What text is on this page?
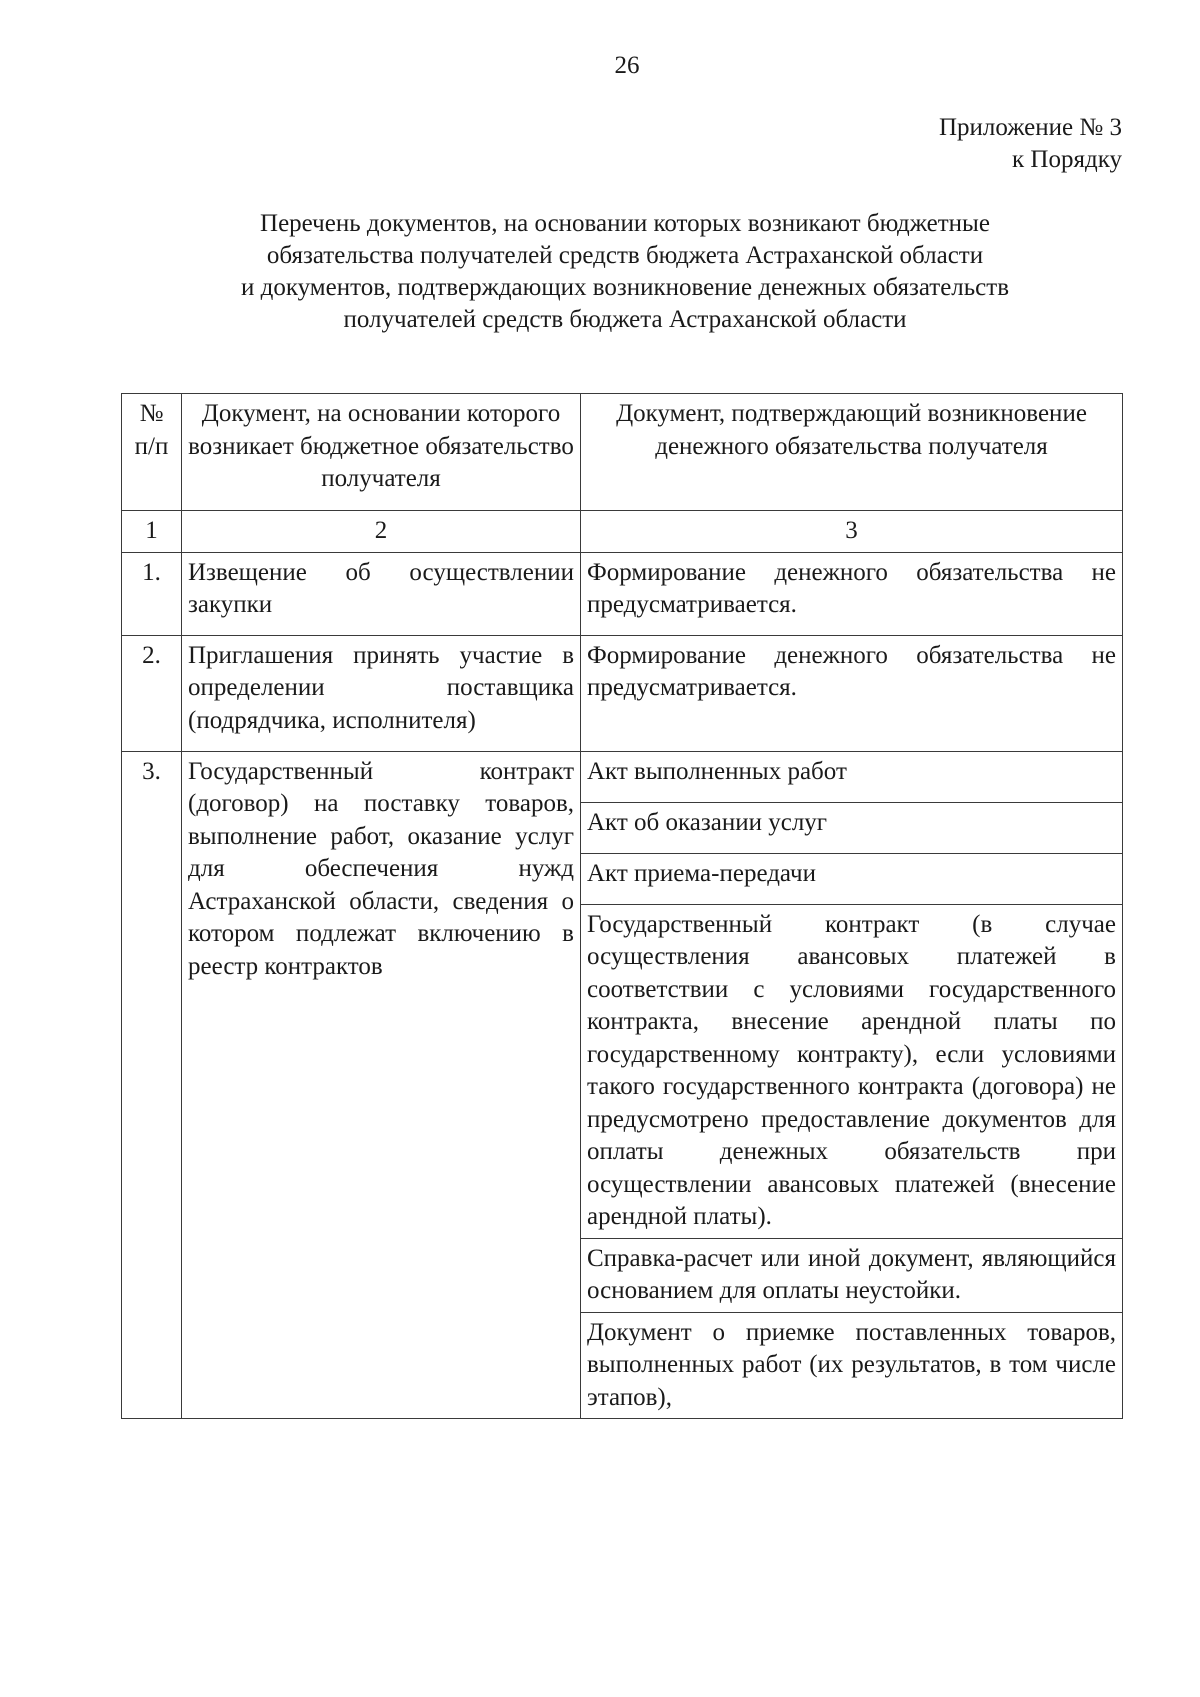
26
Приложение № 3
к Порядку
Перечень документов, на основании которых возникают бюджетные
обязательства получателей средств бюджета Астраханской области
и документов, подтверждающих возникновение денежных обязательств
получателей средств бюджета Астраханской области
№ п/п	Документ, на основании которого возникает бюджетное обязательство получателя	Документ, подтверждающий возникновение денежного обязательства получателя
1	2	3
1.	Извещение об осуществлении закупки	Формирование денежного обязательства не предусматривается.
2.	Приглашения принять участие в определении поставщика (подрядчика, исполнителя)	Формирование денежного обязательства не предусматривается.
3.	Государственный контракт (договор) на поставку товаров, выполнение работ, оказание услуг для обеспечения нужд Астраханской области, сведения о котором подлежат включению в реестр контрактов	Акт выполненных работ
		Акт об оказании услуг
		Акт приема-передачи
		Государственный контракт (в случае осуществления авансовых платежей в соответствии с условиями государственного контракта, внесение арендной платы по государственному контракту), если условиями такого государственного контракта (договора) не предусмотрено предоставление документов для оплаты денежных обязательств при осуществлении авансовых платежей (внесение арендной платы).
		Справка-расчет или иной документ, являющийся основанием для оплаты неустойки.
		Документ о приемке поставленных товаров, выполненных работ (их результатов, в том числе этапов),
